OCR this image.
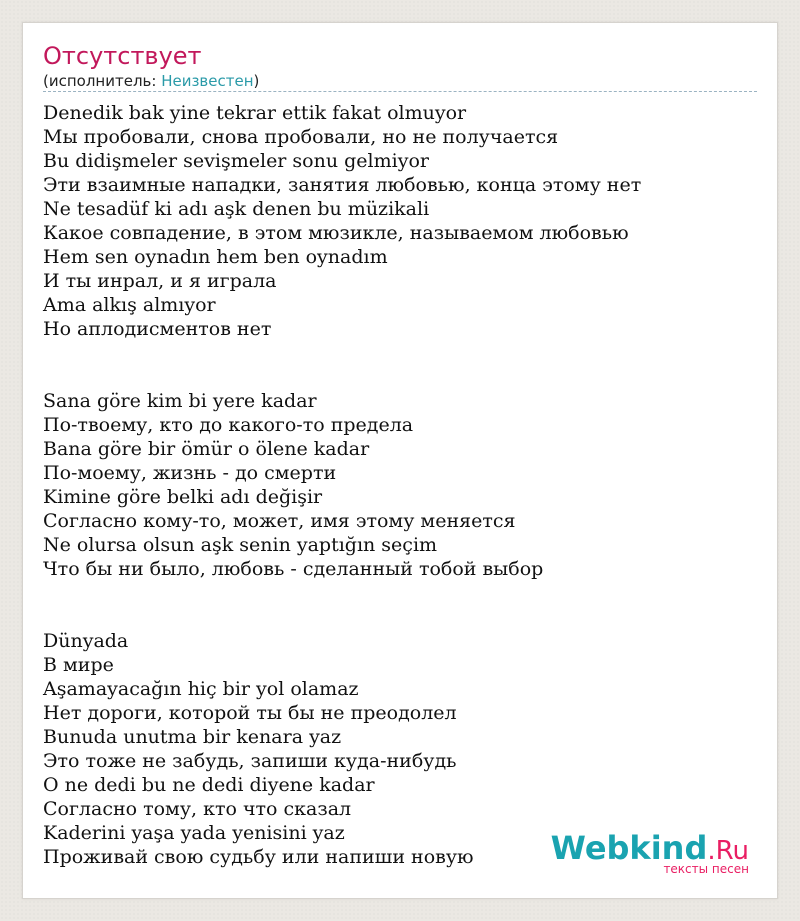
Отсутствует
(исполнитель: Неизвестен)
Denedik bak yine tekrar ettik fakat olmuyor
Мы пробовали, снова пробовали, но не получается
Bu didişmeler sevişmeler sonu gelmiyor
Эти взаимные нападки, занятия любовью, конца этому нет
Ne tesadüf ki adı aşk denen bu müzikali
Какое совпадение, в этом мюзикле, называемом любовью
Hem sen oynadın hem ben oynadım
И ты инрал, и я играла
Ama alkış almıyor
Но аплодисментов нет
Sana göre kim bi yere kadar
По-твоему, кто до какого-то предела
Bana göre bir ömür o ölene kadar
По-моему, жизнь - до смерти
Kimine göre belki adı değişir
Согласно кому-то, может, имя этому меняется
Ne olursa olsun aşk senin yaptığın seçim
Что бы ни было, любовь - сделанный тобой выбор
Dünyada
В мире
Aşamayacağın hiç bir yol olamaz
Нет дороги, которой ты бы не преодолел
Bunuda unutma bir kenara yaz
Это тоже не забудь, запиши куда-нибудь
O ne dedi bu ne dedi diyene kadar
Согласно тому, кто что сказал
Kaderini yaşa yada yenisini yaz
Проживай свою судьбу или напиши новую	Webkind.Ru
тексты песен
